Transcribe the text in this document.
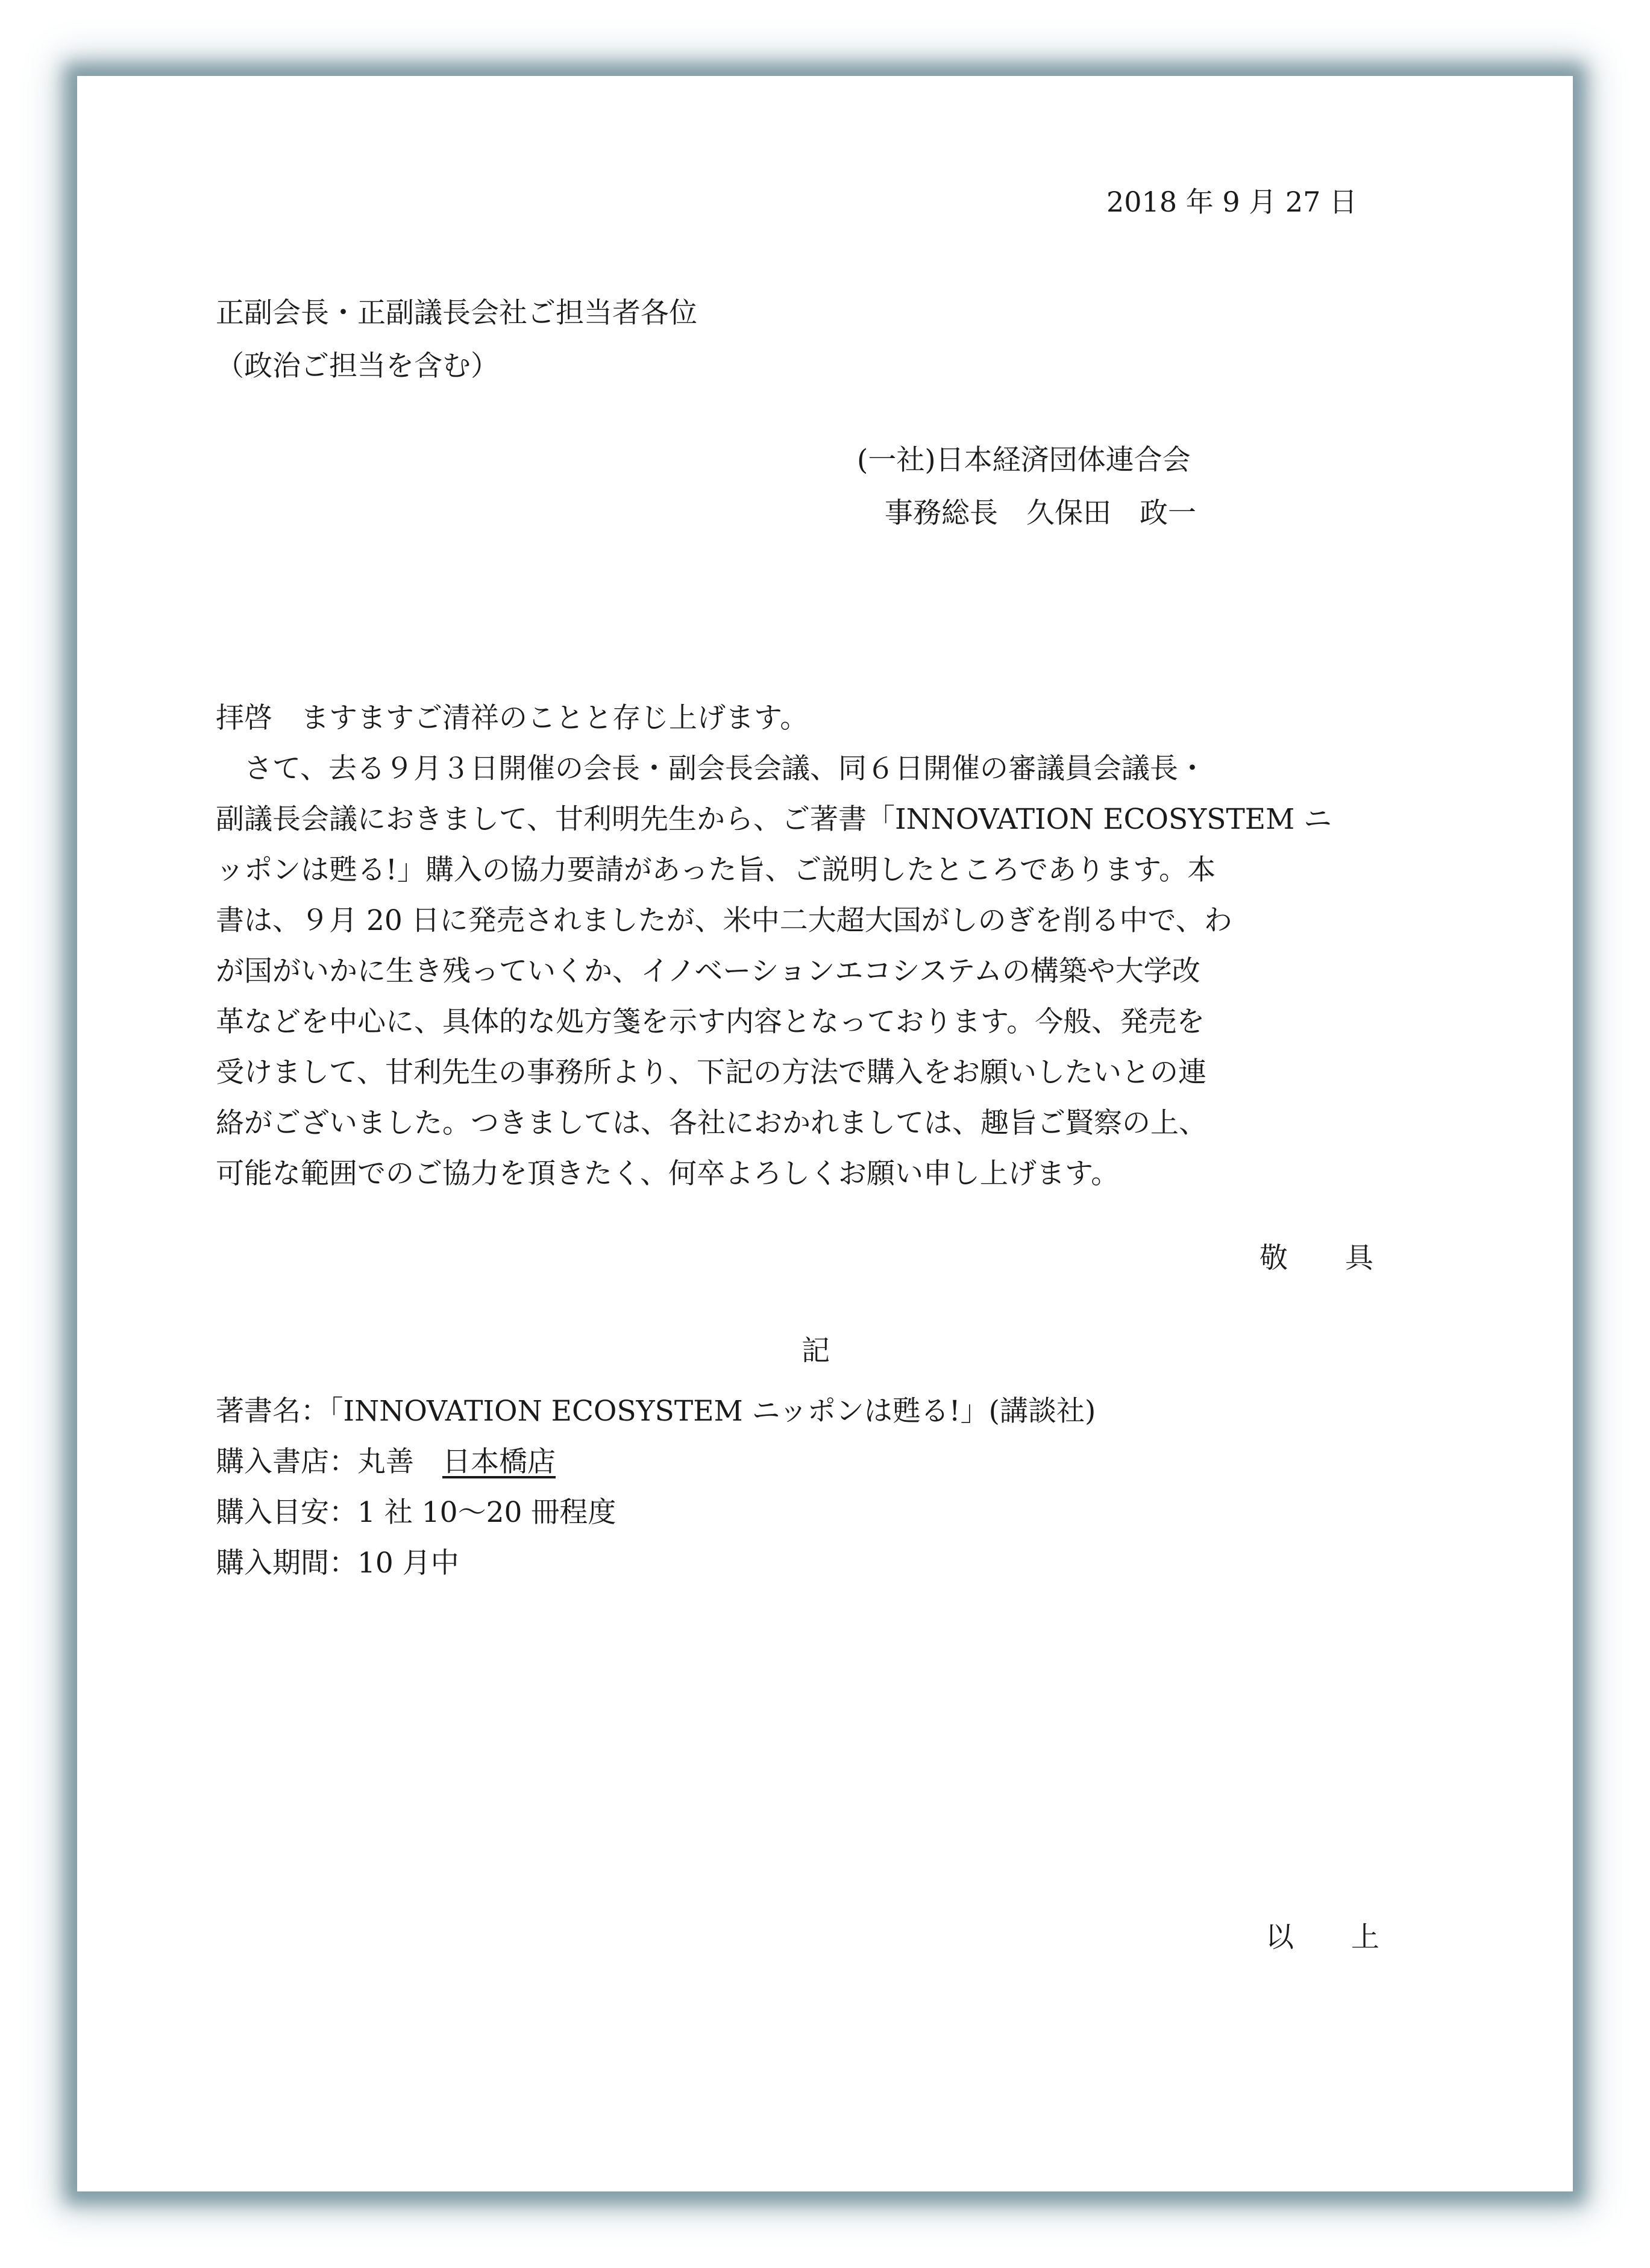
2018 年 9 月 27 日
正副会長・正副議長会社ご担当者各位
（政治ご担当を含む）
(一社)日本経済団体連合会
事務総長　久保田　政一
拝啓　ますますご清祥のことと存じ上げます。
さて、去る９月３日開催の会長・副会長会議、同６日開催の審議員会議長・
副議長会議におきまして、甘利明先生から、ご著書「INNOVATION ECOSYSTEM ニ
ッポンは甦る!」購入の協力要請があった旨、ご説明したところであります。本
書は、９月 20 日に発売されましたが、米中二大超大国がしのぎを削る中で、わ
が国がいかに生き残っていくか、イノベーションエコシステムの構築や大学改
革などを中心に、具体的な処方箋を示す内容となっております。今般、発売を
受けまして、甘利先生の事務所より、下記の方法で購入をお願いしたいとの連
絡がございました。つきましては、各社におかれましては、趣旨ご賢察の上、
可能な範囲でのご協力を頂きたく、何卒よろしくお願い申し上げます。
敬 具
記
著書名：「INNOVATION ECOSYSTEM ニッポンは甦る!」(講談社)
購入書店：丸善　日本橋店
購入目安：1 社 10～20 冊程度
購入期間：10 月中
以 上
